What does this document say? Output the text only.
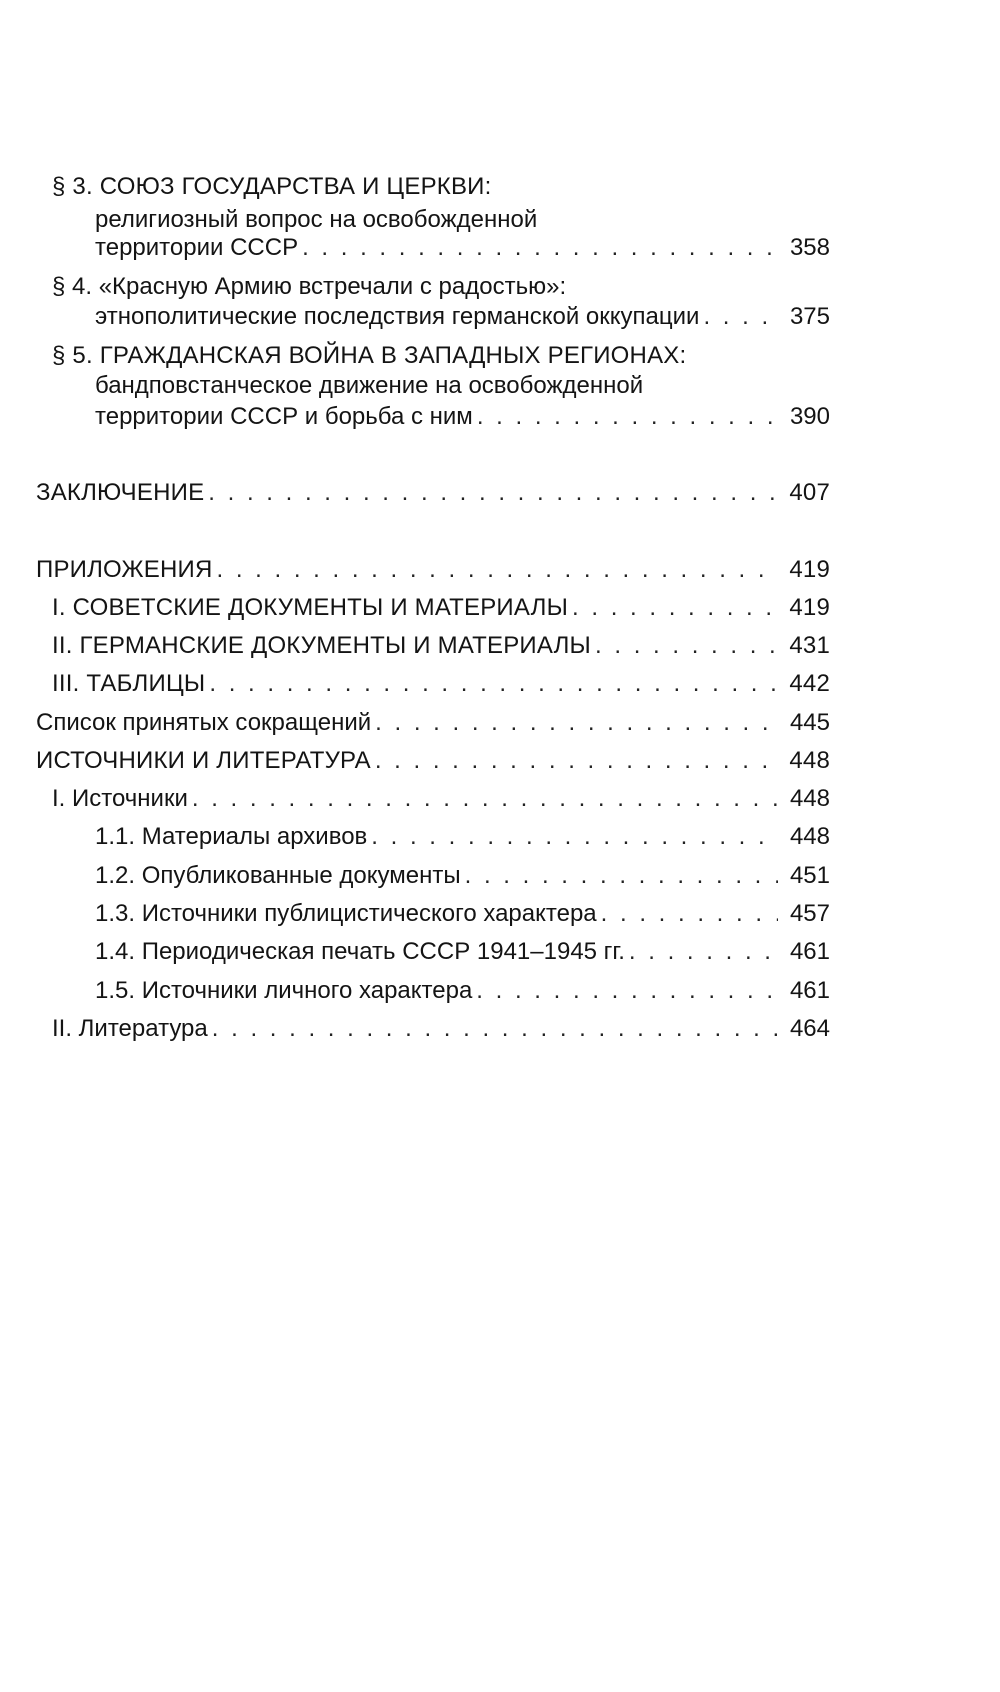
§ 3. СОЮЗ ГОСУДАРСТВА И ЦЕРКВИ:
религиозный вопрос на освобожденной
территории СССР . . .	358
§ 4. «Красную Армию встречали с радостью»:
этнополитические последствия германской оккупации . . .	375
§ 5. ГРАЖДАНСКАЯ ВОЙНА В ЗАПАДНЫХ РЕГИОНАХ:
бандповстанческое движение на освобожденной
территории СССР и борьба с ним . . .	390
ЗАКЛЮЧЕНИЕ . . .	407
ПРИЛОЖЕНИЯ . . .	419
I. СОВЕТСКИЕ ДОКУМЕНТЫ И МАТЕРИАЛЫ . . .	419
II. ГЕРМАНСКИЕ ДОКУМЕНТЫ И МАТЕРИАЛЫ . . .	431
III. ТАБЛИЦЫ . . .	442
Список принятых сокращений . . .	445
ИСТОЧНИКИ И ЛИТЕРАТУРА . . .	448
I. Источники . . .	448
1.1. Материалы архивов . . .	448
1.2. Опубликованные документы . . .	451
1.3. Источники публицистического характера . . .	457
1.4. Периодическая печать СССР 1941–1945 гг. . . .	461
1.5. Источники личного характера . . .	461
II. Литература . . .	464
